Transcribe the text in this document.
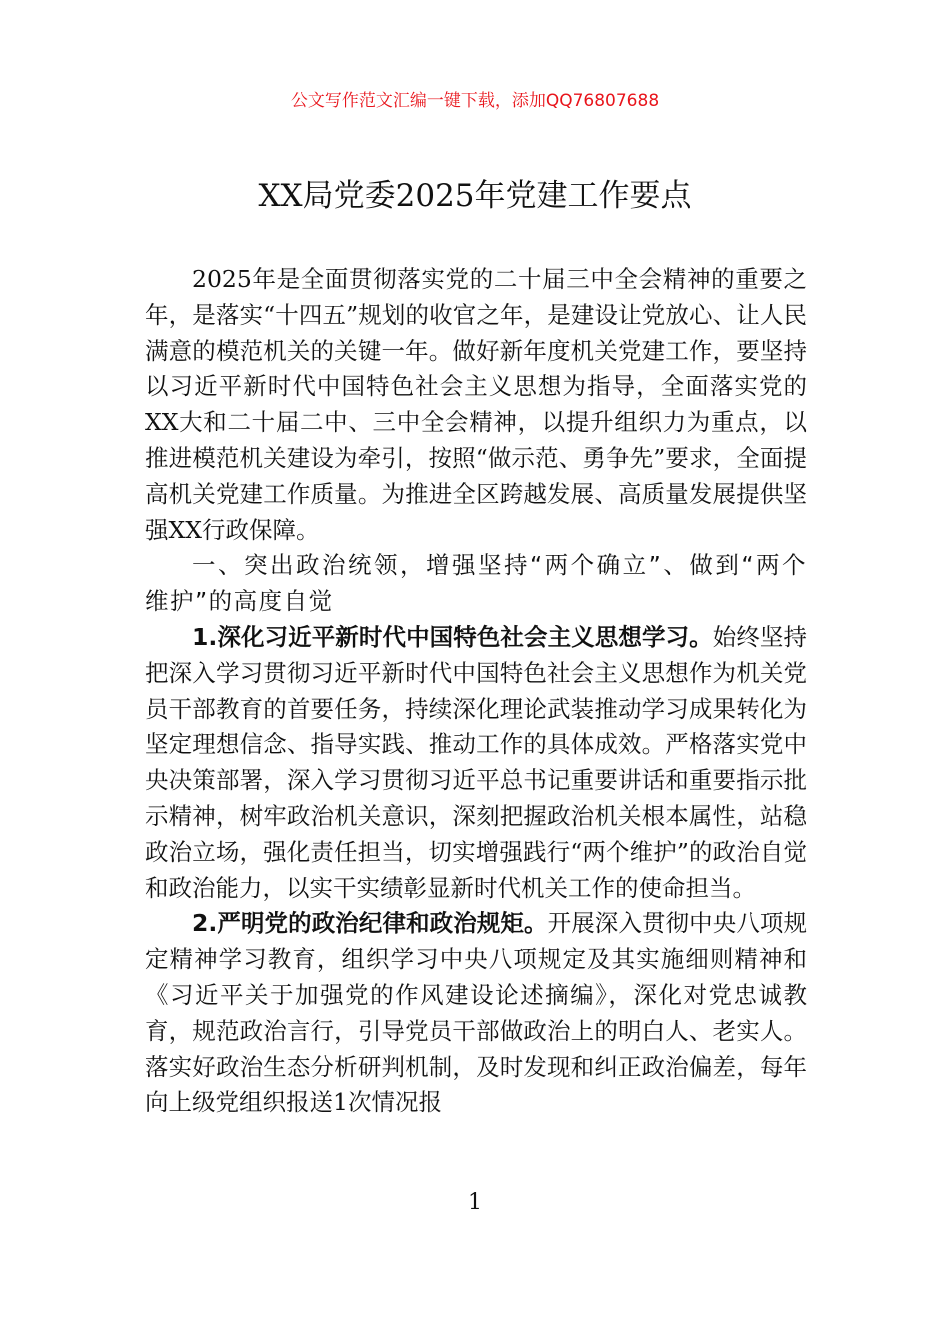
公文写作范文汇编一键下载，添加QQ76807688
XX局党委2025年党建工作要点

2025年是全面贯彻落实党的二十届三中全会精神的重要之年，是落实“十四五”规划的收官之年，是建设让党放心、让人民满意的模范机关的关键一年。做好新年度机关党建工作，要坚持以习近平新时代中国特色社会主义思想为指导，全面落实党的XX大和二十届二中、三中全会精神，以提升组织力为重点，以推进模范机关建设为牵引，按照“做示范、勇争先”要求，全面提高机关党建工作质量。为推进全区跨越发展、高质量发展提供坚强XX行政保障。

一、突出政治统领，增强坚持“两个确立”、做到“两个维护”的高度自觉

1.深化习近平新时代中国特色社会主义思想学习。始终坚持把深入学习贯彻习近平新时代中国特色社会主义思想作为机关党员干部教育的首要任务，持续深化理论武装推动学习成果转化为坚定理想信念、指导实践、推动工作的具体成效。严格落实党中央决策部署，深入学习贯彻习近平总书记重要讲话和重要指示批示精神，树牢政治机关意识，深刻把握政治机关根本属性，站稳政治立场，强化责任担当，切实增强践行“两个维护”的政治自觉和政治能力，以实干实绩彰显新时代机关工作的使命担当。

2.严明党的政治纪律和政治规矩。开展深入贯彻中央八项规定精神学习教育，组织学习中央八项规定及其实施细则精神和《习近平关于加强党的作风建设论述摘编》，深化对党忠诚教育，规范政治言行，引导党员干部做政治上的明白人、老实人。落实好政治生态分析研判机制，及时发现和纠正政治偏差，每年向上级党组织报送1次情况报

1
